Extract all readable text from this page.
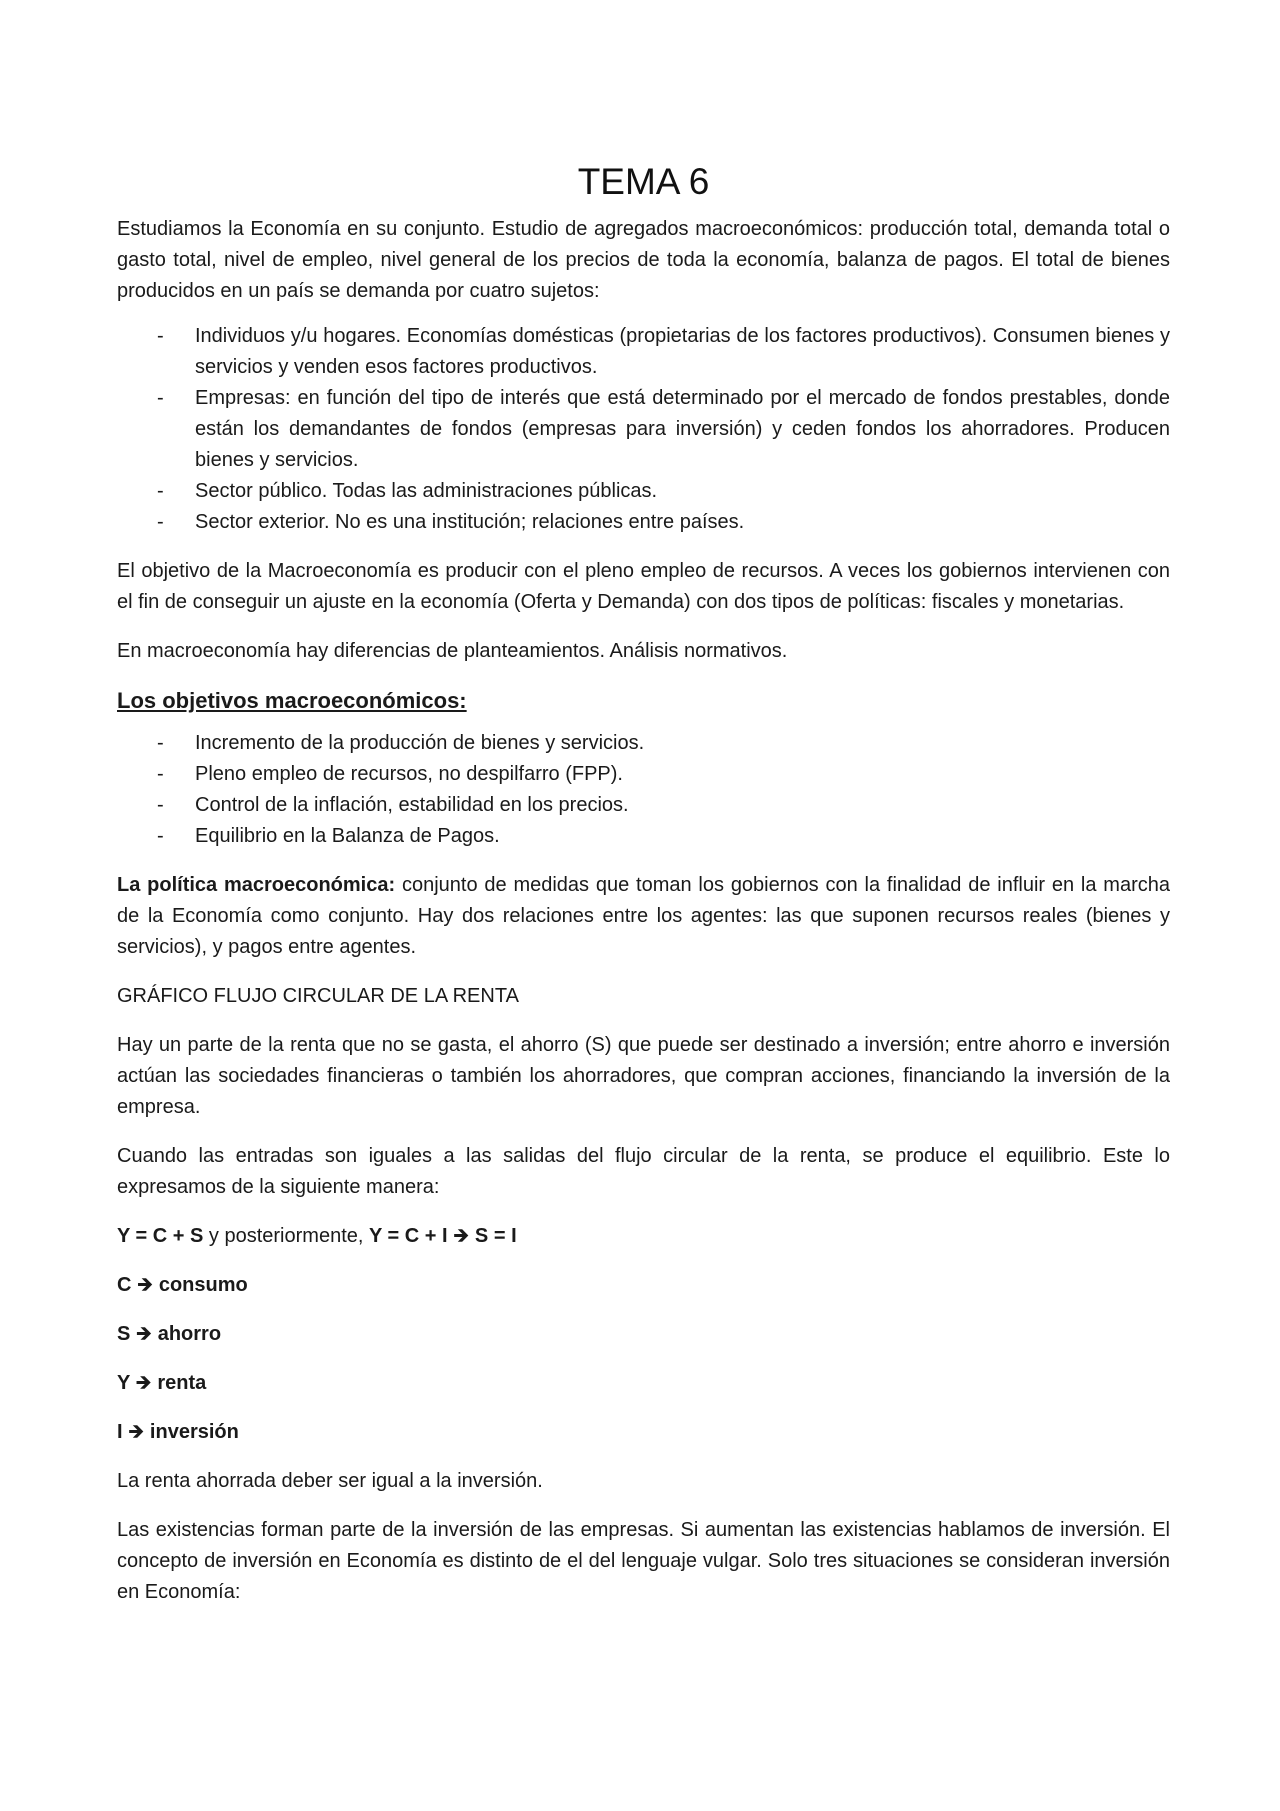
TEMA 6

Estudiamos la Economía en su conjunto. Estudio de agregados macroeconómicos: producción total, demanda total o gasto total, nivel de empleo, nivel general de los precios de toda la economía, balanza de pagos. El total de bienes producidos en un país se demanda por cuatro sujetos:

- Individuos y/u hogares. Economías domésticas (propietarias de los factores productivos). Consumen bienes y servicios y venden esos factores productivos.
- Empresas: en función del tipo de interés que está determinado por el mercado de fondos prestables, donde están los demandantes de fondos (empresas para inversión) y ceden fondos los ahorradores. Producen bienes y servicios.
- Sector público. Todas las administraciones públicas.
- Sector exterior. No es una institución; relaciones entre países.

El objetivo de la Macroeconomía es producir con el pleno empleo de recursos. A veces los gobiernos intervienen con el fin de conseguir un ajuste en la economía (Oferta y Demanda) con dos tipos de políticas: fiscales y monetarias.

En macroeconomía hay diferencias de planteamientos. Análisis normativos.

Los objetivos macroeconómicos:
- Incremento de la producción de bienes y servicios.
- Pleno empleo de recursos, no despilfarro (FPP).
- Control de la inflación, estabilidad en los precios.
- Equilibrio en la Balanza de Pagos.

La política macroeconómica: conjunto de medidas que toman los gobiernos con la finalidad de influir en la marcha de la Economía como conjunto. Hay dos relaciones entre los agentes: las que suponen recursos reales (bienes y servicios), y pagos entre agentes.

GRÁFICO FLUJO CIRCULAR DE LA RENTA

Hay un parte de la renta que no se gasta, el ahorro (S) que puede ser destinado a inversión; entre ahorro e inversión actúan las sociedades financieras o también los ahorradores, que compran acciones, financiando la inversión de la empresa.

Cuando las entradas son iguales a las salidas del flujo circular de la renta, se produce el equilibrio. Este lo expresamos de la siguiente manera:

Y = C + S y posteriormente, Y = C + I 🡺 S = I

C 🡺 consumo

S 🡺 ahorro

Y 🡺 renta

I 🡺 inversión

La renta ahorrada deber ser igual a la inversión.

Las existencias forman parte de la inversión de las empresas. Si aumentan las existencias hablamos de inversión. El concepto de inversión en Economía es distinto de el del lenguaje vulgar. Solo tres situaciones se consideran inversión en Economía:
